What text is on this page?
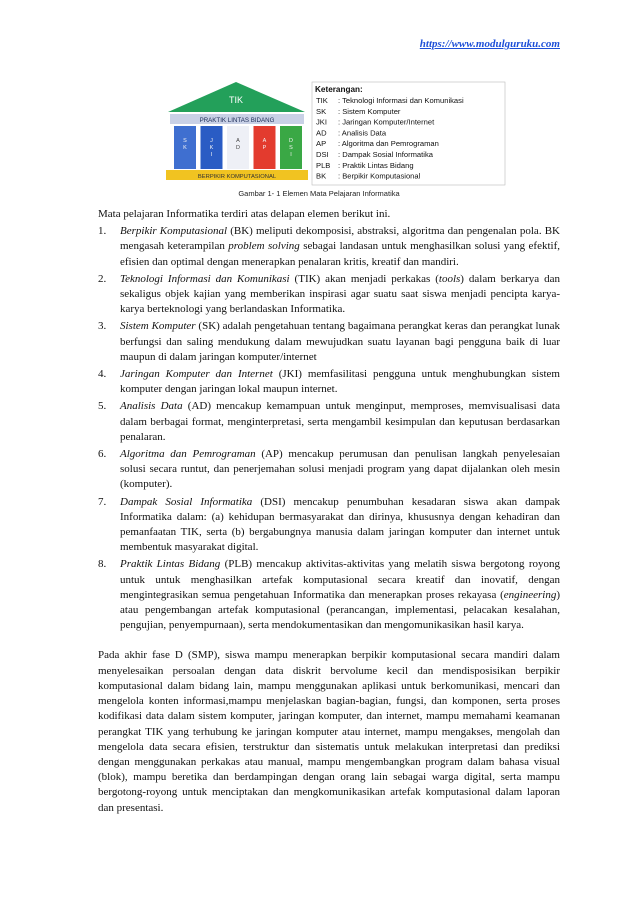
https://www.modulguruku.com
TIK
PRAKTIK LINTAS BIDANG
S K
J K I
A D
A P
D S I
BERPIKIR KOMPUTASIONAL
Keterangan:
TIK : Teknologi Informasi dan Komunikasi
SK : Sistem Komputer
JKI : Jaringan Komputer/Internet
AD : Analisis Data
AP : Algoritma dan Pemrograman
DSI : Dampak Sosial Informatika
PLB : Praktik Lintas Bidang
BK : Berpikir Komputasional
Gambar 1- 1 Elemen Mata Pelajaran Informatika

Mata pelajaran Informatika terdiri atas delapan elemen berikut ini.

1. Berpikir Komputasional (BK) meliputi dekomposisi, abstraksi, algoritma dan pengenalan pola. BK mengasah keterampilan problem solving sebagai landasan untuk menghasilkan solusi yang efektif, efisien dan optimal dengan menerapkan penalaran kritis, kreatif dan mandiri.
2. Teknologi Informasi dan Komunikasi (TIK) akan menjadi perkakas (tools) dalam berkarya dan sekaligus objek kajian yang memberikan inspirasi agar suatu saat siswa menjadi pencipta karya-karya berteknologi yang berlandaskan Informatika.
3. Sistem Komputer (SK) adalah pengetahuan tentang bagaimana perangkat keras dan perangkat lunak berfungsi dan saling mendukung dalam mewujudkan suatu layanan bagi pengguna baik di luar maupun di dalam jaringan komputer/internet
4. Jaringan Komputer dan Internet (JKI) memfasilitasi pengguna untuk menghubungkan sistem komputer dengan jaringan lokal maupun internet.
5. Analisis Data (AD) mencakup kemampuan untuk menginput, memproses, memvisualisasi data dalam berbagai format, menginterpretasi, serta mengambil kesimpulan dan keputusan berdasarkan penalaran.
6. Algoritma dan Pemrograman (AP) mencakup perumusan dan penulisan langkah penyelesaian solusi secara runtut, dan penerjemahan solusi menjadi program yang dapat dijalankan oleh mesin (komputer).
7. Dampak Sosial Informatika (DSI) mencakup penumbuhan kesadaran siswa akan dampak Informatika dalam: (a) kehidupan bermasyarakat dan dirinya, khususnya dengan kehadiran dan pemanfaatan TIK, serta (b) bergabungnya manusia dalam jaringan komputer dan internet untuk membentuk masyarakat digital.
8. Praktik Lintas Bidang (PLB) mencakup aktivitas-aktivitas yang melatih siswa bergotong royong untuk untuk menghasilkan artefak komputasional secara kreatif dan inovatif, dengan mengintegrasikan semua pengetahuan Informatika dan menerapkan proses rekayasa (engineering) atau pengembangan artefak komputasional (perancangan, implementasi, pelacakan kesalahan, pengujian, penyempurnaan), serta mendokumentasikan dan mengomunikasikan hasil karya.

Pada akhir fase D (SMP), siswa mampu menerapkan berpikir komputasional secara mandiri dalam menyelesaikan persoalan dengan data diskrit bervolume kecil dan mendisposisikan berpikir komputasional dalam bidang lain, mampu menggunakan aplikasi untuk berkomunikasi, mencari dan mengelola konten informasi,mampu menjelaskan bagian-bagian, fungsi, dan komponen, serta proses kodifikasi data dalam sistem komputer, jaringan komputer, dan internet, mampu memahami keamanan perangkat TIK yang terhubung ke jaringan komputer atau internet, mampu mengakses, mengolah dan mengelola data secara efisien, terstruktur dan sistematis untuk melakukan interpretasi dan prediksi dengan menggunakan perkakas atau manual, mampu mengembangkan program dalam bahasa visual (blok), mampu beretika dan berdampingan dengan orang lain sebagai warga digital, serta mampu bergotong-royong untuk menciptakan dan mengkomunikasikan artefak komputasional dalam laporan dan presentasi.
